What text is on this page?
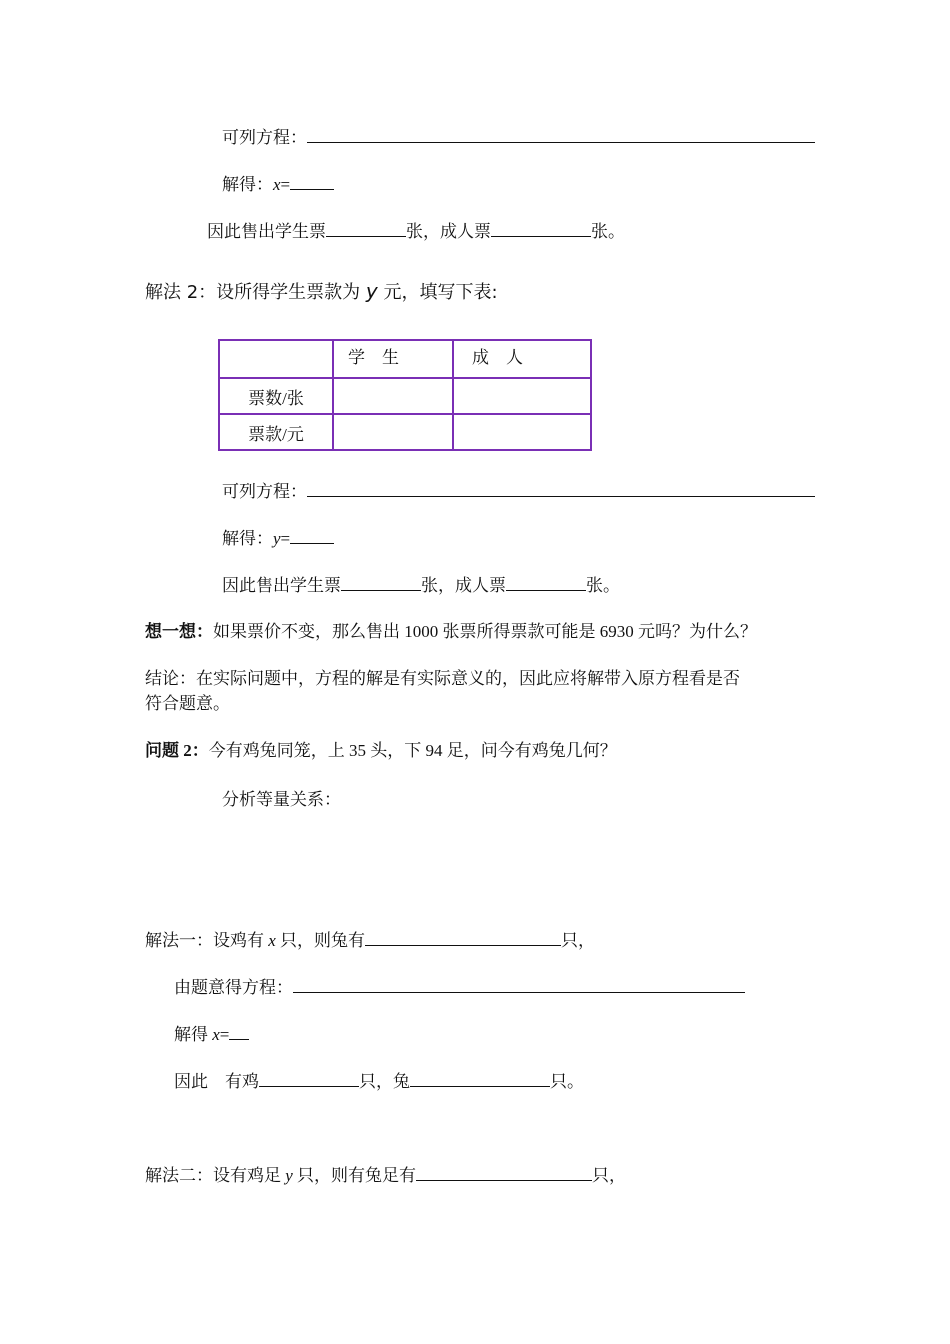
可列方程：
解得：x=
因此售出学生票	张，成人票	张。
解法 2：设所得学生票款为 y 元，填写下表:
	学　生	成　人
票数/张		
票款/元		
可列方程：
解得：y=
因此售出学生票	张，成人票	张。
想一想：如果票价不变，那么售出 1000 张票所得票款可能是 6930 元吗？为什么？
结论：在实际问题中，方程的解是有实际意义的，因此应将解带入原方程看是否
符合题意。
问题 2：今有鸡兔同笼，上 35 头，下 94 足，问今有鸡兔几何？
分析等量关系：
解法一：设鸡有 x 只，则兔有	只，
由题意得方程：
解得 x=
因此　有鸡	只，兔	只。
解法二：设有鸡足 y 只，则有兔足有	只，
